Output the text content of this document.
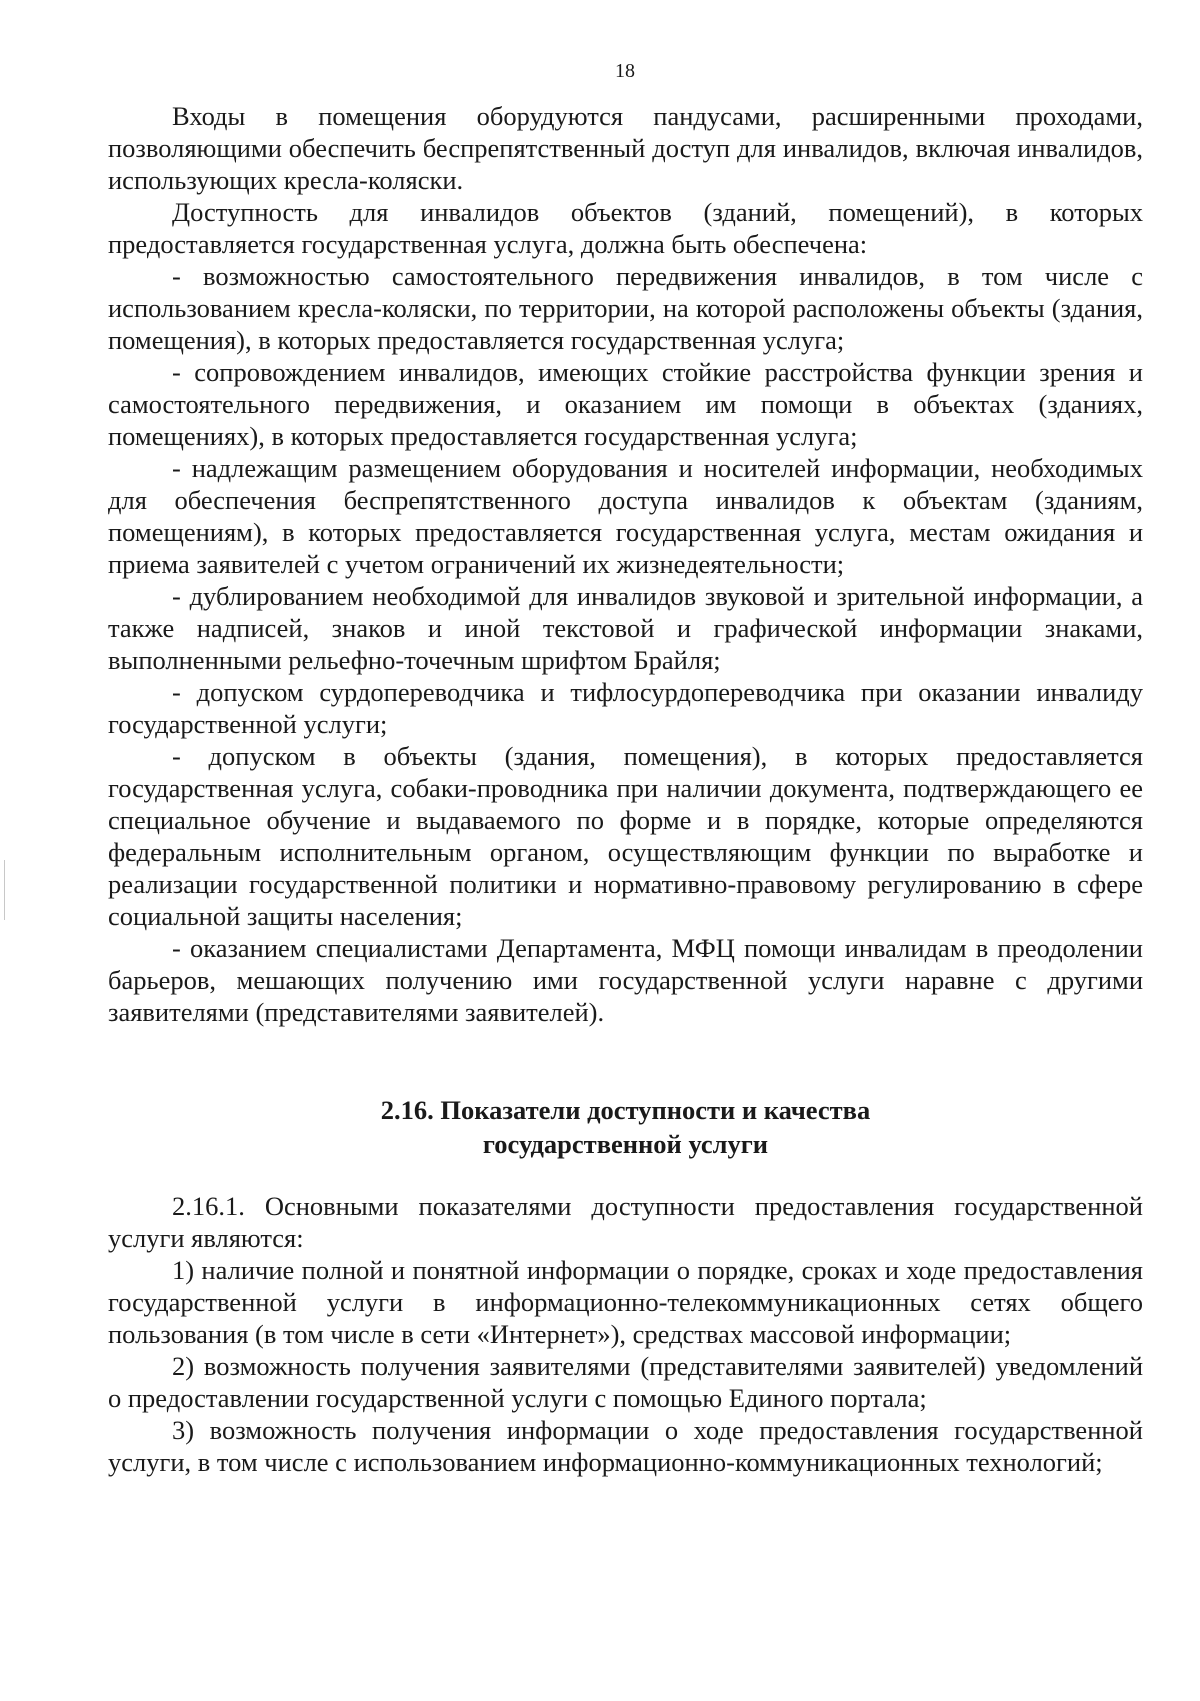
18

Входы в помещения оборудуются пандусами, расширенными проходами, позволяющими обеспечить беспрепятственный доступ для инвалидов, включая инвалидов, использующих кресла-коляски.

Доступность для инвалидов объектов (зданий, помещений), в которых предоставляется государственная услуга, должна быть обеспечена:

- возможностью самостоятельного передвижения инвалидов, в том числе с использованием кресла-коляски, по территории, на которой расположены объекты (здания, помещения), в которых предоставляется государственная услуга;

- сопровождением инвалидов, имеющих стойкие расстройства функции зрения и самостоятельного передвижения, и оказанием им помощи в объектах (зданиях, помещениях), в которых предоставляется государственная услуга;

- надлежащим размещением оборудования и носителей информации, необходимых для обеспечения беспрепятственного доступа инвалидов к объектам (зданиям, помещениям), в которых предоставляется государственная услуга, местам ожидания и приема заявителей с учетом ограничений их жизнедеятельности;

- дублированием необходимой для инвалидов звуковой и зрительной информации, а также надписей, знаков и иной текстовой и графической информации знаками, выполненными рельефно-точечным шрифтом Брайля;

- допуском сурдопереводчика и тифлосурдопереводчика при оказании инвалиду государственной услуги;

- допуском в объекты (здания, помещения), в которых предоставляется государственная услуга, собаки-проводника при наличии документа, подтверждающего ее специальное обучение и выдаваемого по форме и в порядке, которые определяются федеральным исполнительным органом, осуществляющим функции по выработке и реализации государственной политики и нормативно-правовому регулированию в сфере социальной защиты населения;

- оказанием специалистами Департамента, МФЦ помощи инвалидам в преодолении барьеров, мешающих получению ими государственной услуги наравне с другими заявителями (представителями заявителей).

2.16. Показатели доступности и качества
государственной услуги

2.16.1. Основными показателями доступности предоставления государственной услуги являются:

1) наличие полной и понятной информации о порядке, сроках и ходе предоставления государственной услуги в информационно-телекоммуникационных сетях общего пользования (в том числе в сети «Интернет»), средствах массовой информации;

2) возможность получения заявителями (представителями заявителей) уведомлений о предоставлении государственной услуги с помощью Единого портала;

3) возможность получения информации о ходе предоставления государственной услуги, в том числе с использованием информационно-коммуникационных технологий;
